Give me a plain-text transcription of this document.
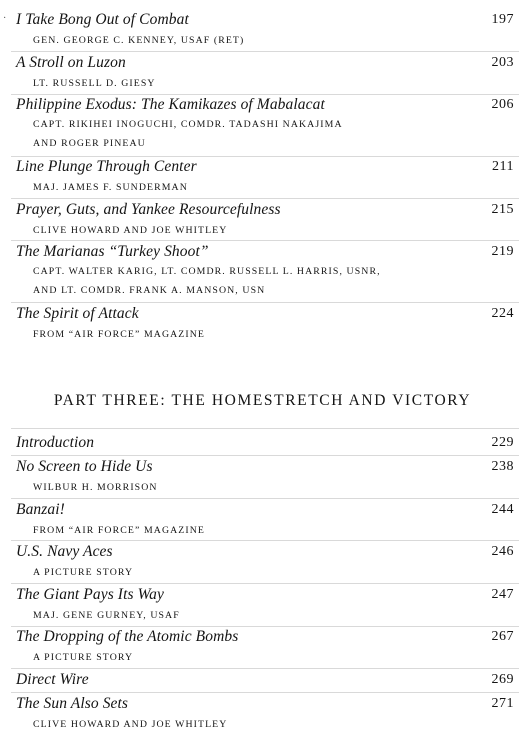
· I Take Bong Out of Combat	197
GEN. GEORGE C. KENNEY, USAF (RET)
A Stroll on Luzon	203
LT. RUSSELL D. GIESY
Philippine Exodus: The Kamikazes of Mabalacat	206
CAPT. RIKIHEI INOGUCHI, COMDR. TADASHI NAKAJIMA
AND ROGER PINEAU
Line Plunge Through Center	211
MAJ. JAMES F. SUNDERMAN
Prayer, Guts, and Yankee Resourcefulness	215
CLIVE HOWARD AND JOE WHITLEY
The Marianas “Turkey Shoot”	219
CAPT. WALTER KARIG, LT. COMDR. RUSSELL L. HARRIS, USNR,
AND LT. COMDR. FRANK A. MANSON, USN
The Spirit of Attack	224
FROM “AIR FORCE” MAGAZINE
PART THREE: THE HOMESTRETCH AND VICTORY
Introduction	229
No Screen to Hide Us	238
WILBUR H. MORRISON
Banzai!	244
FROM “AIR FORCE” MAGAZINE
U.S. Navy Aces	246
A PICTURE STORY
The Giant Pays Its Way	247
MAJ. GENE GURNEY, USAF
The Dropping of the Atomic Bombs	267
A PICTURE STORY
Direct Wire	269
The Sun Also Sets	271
CLIVE HOWARD AND JOE WHITLEY
